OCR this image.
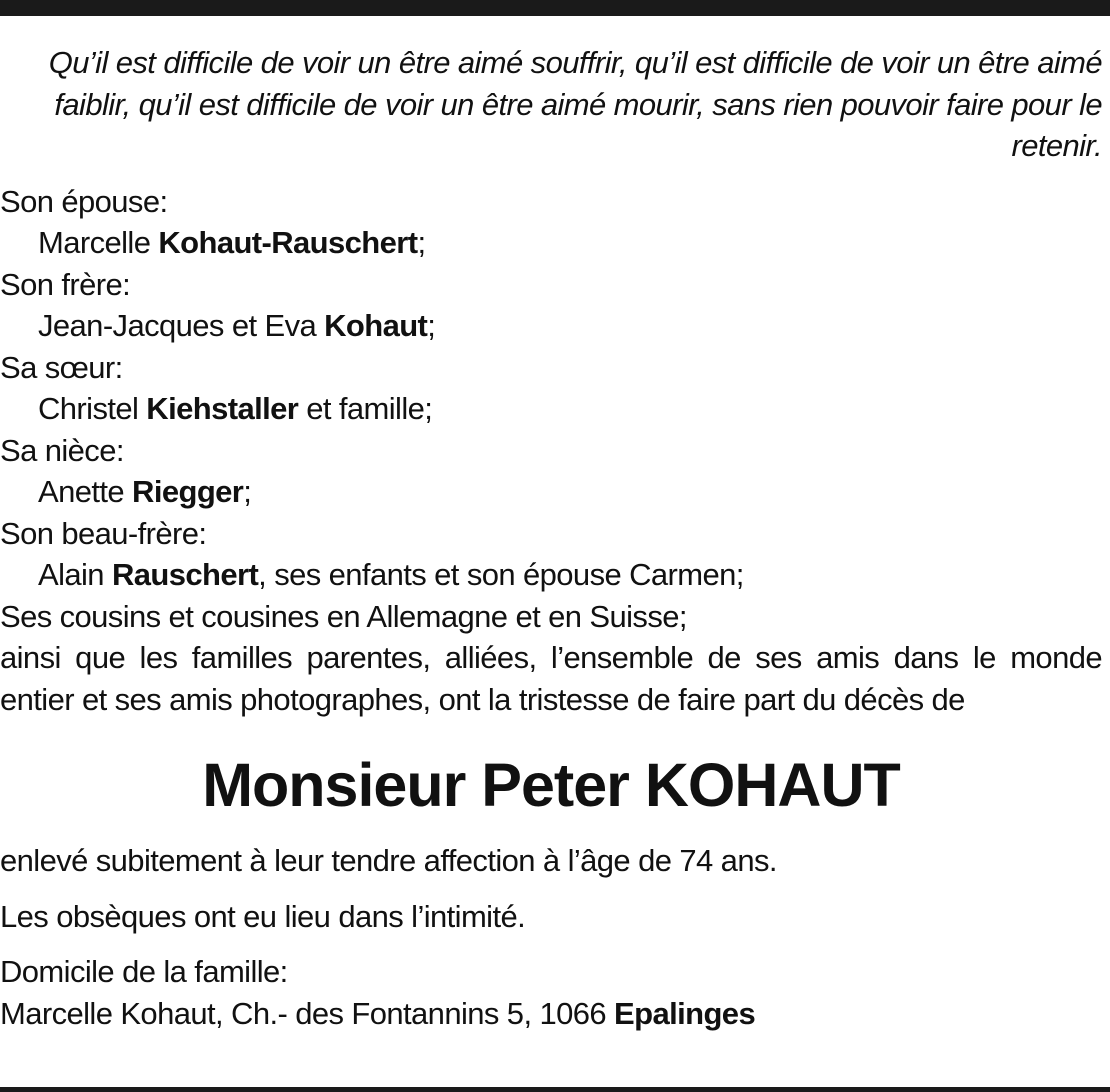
Qu’il est difficile de voir un être aimé souffrir, qu’il est difficile de voir un être aimé faiblir, qu’il est difficile de voir un être aimé mourir, sans rien pouvoir faire pour le retenir.

Son épouse:

Marcelle Kohaut-Rauschert;

Son frère:

Jean-Jacques et Eva Kohaut;

Sa sœur:

Christel Kiehstaller et famille;

Sa nièce:

Anette Riegger;

Son beau-frère:

Alain Rauschert, ses enfants et son épouse Carmen;

Ses cousins et cousines en Allemagne et en Suisse;

ainsi que les familles parentes, alliées, l’ensemble de ses amis dans le monde entier et ses amis photographes, ont la tristesse de faire part du décès de

Monsieur Peter KOHAUT

enlevé subitement à leur tendre affection à l’âge de 74 ans.

Les obsèques ont eu lieu dans l’intimité.

Domicile de la famille:

Marcelle Kohaut, Ch.- des Fontannins 5, 1066 Epalinges
